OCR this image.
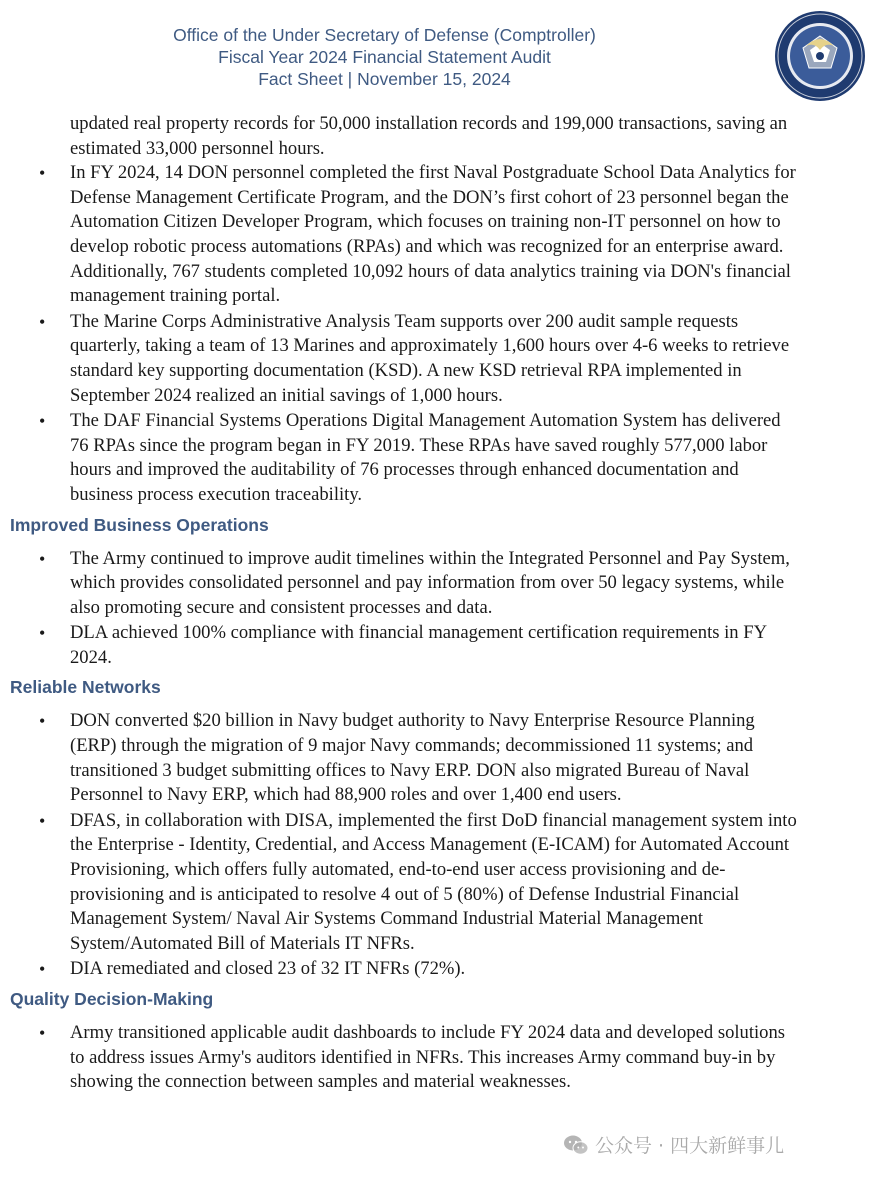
Office of the Under Secretary of Defense (Comptroller)
Fiscal Year 2024 Financial Statement Audit
Fact Sheet | November 15, 2024

updated real property records for 50,000 installation records and 199,000 transactions, saving an estimated 33,000 personnel hours.

• In FY 2024, 14 DON personnel completed the first Naval Postgraduate School Data Analytics for Defense Management Certificate Program, and the DON’s first cohort of 23 personnel began the Automation Citizen Developer Program, which focuses on training non-IT personnel on how to develop robotic process automations (RPAs) and which was recognized for an enterprise award. Additionally, 767 students completed 10,092 hours of data analytics training via DON's financial management training portal.
• The Marine Corps Administrative Analysis Team supports over 200 audit sample requests quarterly, taking a team of 13 Marines and approximately 1,600 hours over 4-6 weeks to retrieve standard key supporting documentation (KSD). A new KSD retrieval RPA implemented in September 2024 realized an initial savings of 1,000 hours.
• The DAF Financial Systems Operations Digital Management Automation System has delivered 76 RPAs since the program began in FY 2019. These RPAs have saved roughly 577,000 labor hours and improved the auditability of 76 processes through enhanced documentation and business process execution traceability.
Improved Business Operations
• The Army continued to improve audit timelines within the Integrated Personnel and Pay System, which provides consolidated personnel and pay information from over 50 legacy systems, while also promoting secure and consistent processes and data.
• DLA achieved 100% compliance with financial management certification requirements in FY 2024.
Reliable Networks
• DON converted $20 billion in Navy budget authority to Navy Enterprise Resource Planning (ERP) through the migration of 9 major Navy commands; decommissioned 11 systems; and transitioned 3 budget submitting offices to Navy ERP. DON also migrated Bureau of Naval Personnel to Navy ERP, which had 88,900 roles and over 1,400 end users.
• DFAS, in collaboration with DISA, implemented the first DoD financial management system into the Enterprise - Identity, Credential, and Access Management (E-ICAM) for Automated Account Provisioning, which offers fully automated, end-to-end user access provisioning and de-provisioning and is anticipated to resolve 4 out of 5 (80%) of Defense Industrial Financial Management System/ Naval Air Systems Command Industrial Material Management System/Automated Bill of Materials IT NFRs.
• DIA remediated and closed 23 of 32 IT NFRs (72%).
Quality Decision-Making
• Army transitioned applicable audit dashboards to include FY 2024 data and developed solutions to address issues Army's auditors identified in NFRs. This increases Army command buy-in by showing the connection between samples and material weaknesses.
公众号 · 四大新鲜事儿
